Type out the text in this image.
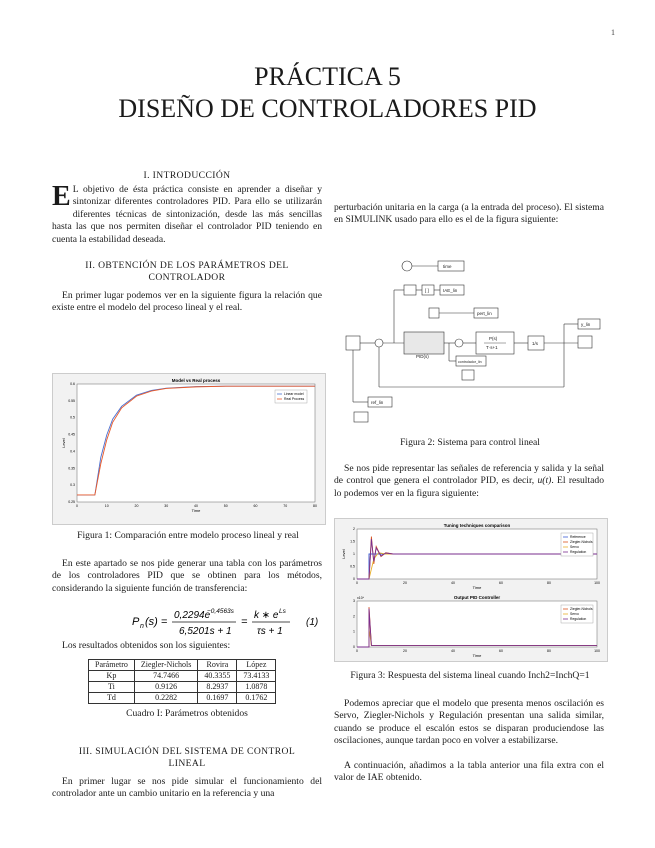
1
PRÁCTICA 5
DISEÑO DE CONTROLADORES PID
I. INTRODUCCIÓN
E L objetivo de ésta práctica consiste en aprender a diseñar y sintonizar diferentes controladores PID. Para ello se utilizarán diferentes técnicas de sintonización, desde las más sencillas hasta las que nos permiten diseñar el controlador PID teniendo en cuenta la estabilidad deseada.
II. OBTENCIÓN DE LOS PARÁMETROS DEL
CONTROLADOR

En primer lugar podemos ver en la siguiente figura la relación que existe entre el modelo del proceso lineal y el real.

Model vs Real process
0	10	20	30	40	50	60	70	80
0.25
0.3
0.35
0.4
0.45
0.5
0.55
0.6
Time
Level
Linear model
Real Process
Figura 1: Comparación entre modelo proceso lineal y real

En este apartado se nos pide generar una tabla con los parámetros de los controladores PID que se obtinen para los métodos, considerando la siguiente función de transferencia:

P n (s) =
0,2294e
−0,4563s
6,5201s + 1
=
k ∗ e Ls
τs + 1
(1)

Los resultados obtenidos son los siguientes:

Parámetro	Ziegler-Nichols	Rovira	López
Kp	74.7466	40.3355	73.4133
Ti	0.9126	8.2937	1.0878
Td	0.2282	0.1697	0.1762
Cuadro I: Parámetros obtenidos
III. SIMULACIÓN DEL SISTEMA DE CONTROL
LINEAL

En primer lugar se nos pide simular el funcionamiento del controlador ante un cambio unitario en la referencia y una

perturbación unitaria en la carga (a la entrada del proceso). El sistema en SIMULINK usado para ello es el de la figura siguiente:
time
[ ]	IAE_lin
pert_lin
PID(s)
P(s)
T·s+1
controlador_lin
y_lin
ref_lin
1/s
Figura 2: Sistema para control lineal

Se nos pide representar las señales de referencia y salida y la señal de control que genera el controlador PID, es decir, u(t). El resultado lo podemos ver en la figura siguiente:

Tuning techniques comparison
0	20	40	60	80	100
0
0.5
1
1.5
2
Time
Level
Reference
Ziegler-Nichols
Servo
Regulation
Output PID Controller
0	20	40	60	80	100
0
1
2
3
Time
Ziegler-Nichols
Servo
Regulation
x10⁴
Figura 3: Respuesta del sistema lineal cuando Inch2=InchQ=1

Podemos apreciar que el modelo que presenta menos oscilación es Servo, Ziegler-Nichols y Regulación presentan una salida similar, cuando se produce el escalón estos se disparan produciendose las oscilaciones, aunque tardan poco en volver a estabilizarse.

A continuación, añadimos a la tabla anterior una fila extra con el valor de IAE obtenido.
